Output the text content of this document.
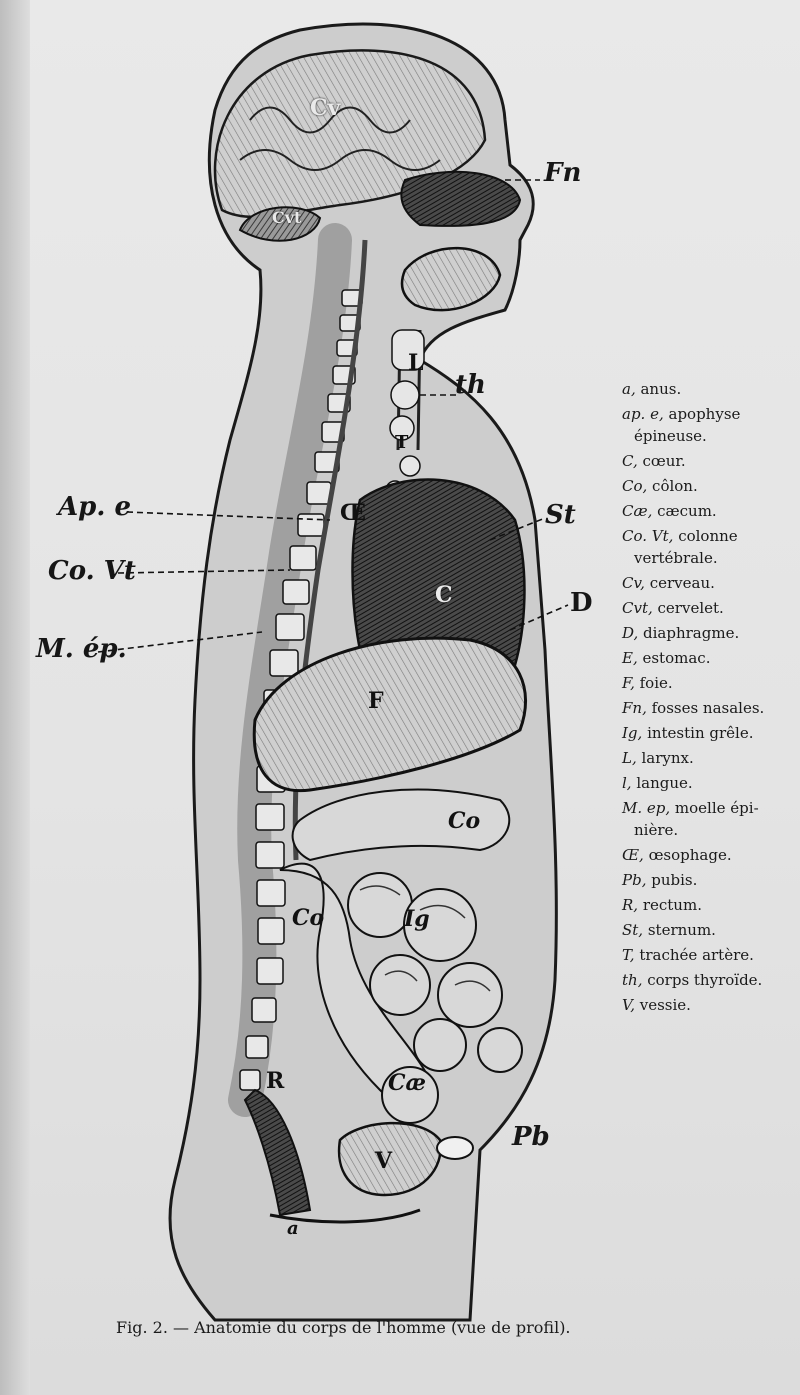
Fn
th
St
D
Ap. e
Co. Vt
M. ép.
Pb
Cv
Cvt
L
T
Œ
C
F
Co
Co	Ig
Cæ
R
V
a
a, anus.
ap. e, apophyse
épineuse.
C, cœur.
Co, côlon.
Cæ, cæcum.
Co. Vt, colonne
vertébrale.
Cv, cerveau.
Cvt, cervelet.
D, diaphragme.
E, estomac.
F, foie.
Fn, fosses nasales.
Ig, intestin grêle.
L, larynx.
l, langue.
M. ep, moelle épi-
nière.
Œ, œsophage.
Pb, pubis.
R, rectum.
St, sternum.
T, trachée artère.
th, corps thyroïde.
V, vessie.
Fig. 2. — Anatomie du corps de l'homme (vue de profil).
